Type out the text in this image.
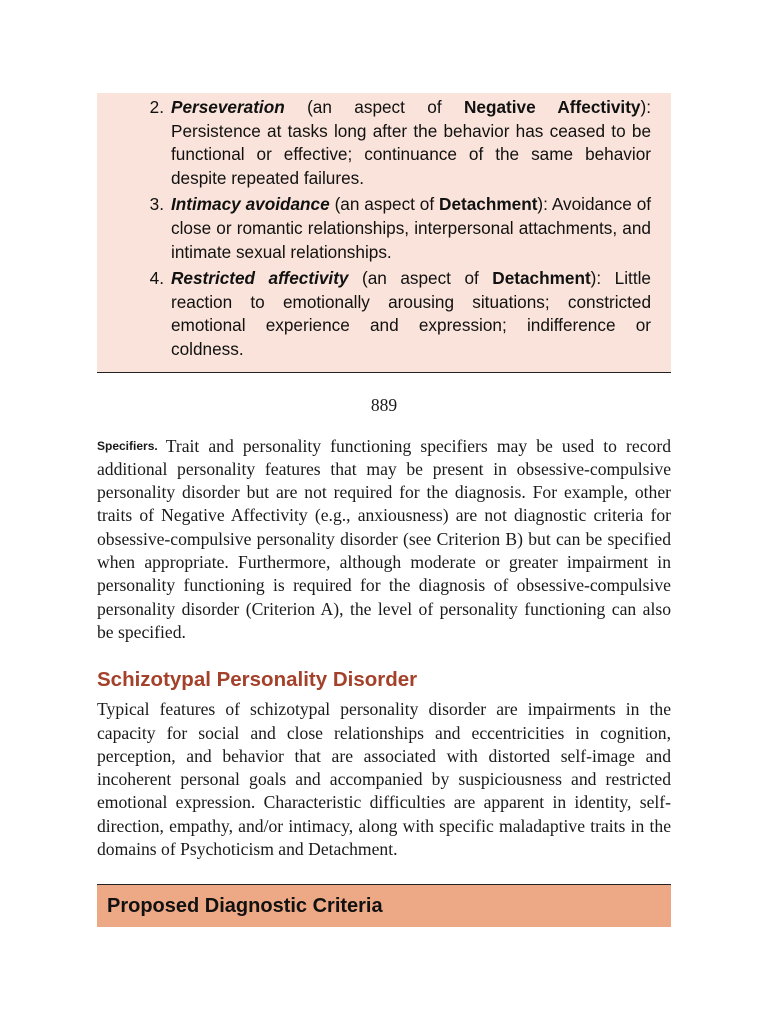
2. Perseveration (an aspect of Negative Affectivity): Persistence at tasks long after the behavior has ceased to be functional or effective; continuance of the same behavior despite repeated failures.
3. Intimacy avoidance (an aspect of Detachment): Avoidance of close or romantic relationships, interpersonal attachments, and intimate sexual relationships.
4. Restricted affectivity (an aspect of Detachment): Little reaction to emotionally arousing situations; constricted emotional experience and expression; indifference or coldness.
889

Specifiers. Trait and personality functioning specifiers may be used to record additional personality features that may be present in obsessive-compulsive personality disorder but are not required for the diagnosis. For example, other traits of Negative Affectivity (e.g., anxiousness) are not diagnostic criteria for obsessive-compulsive personality disorder (see Criterion B) but can be specified when appropriate. Furthermore, although moderate or greater impairment in personality functioning is required for the diagnosis of obsessive-compulsive personality disorder (Criterion A), the level of personality functioning can also be specified.

Schizotypal Personality Disorder

Typical features of schizotypal personality disorder are impairments in the capacity for social and close relationships and eccentricities in cognition, perception, and behavior that are associated with distorted self-image and incoherent personal goals and accompanied by suspiciousness and restricted emotional expression. Characteristic difficulties are apparent in identity, self-direction, empathy, and/or intimacy, along with specific maladaptive traits in the domains of Psychoticism and Detachment.

Proposed Diagnostic Criteria
